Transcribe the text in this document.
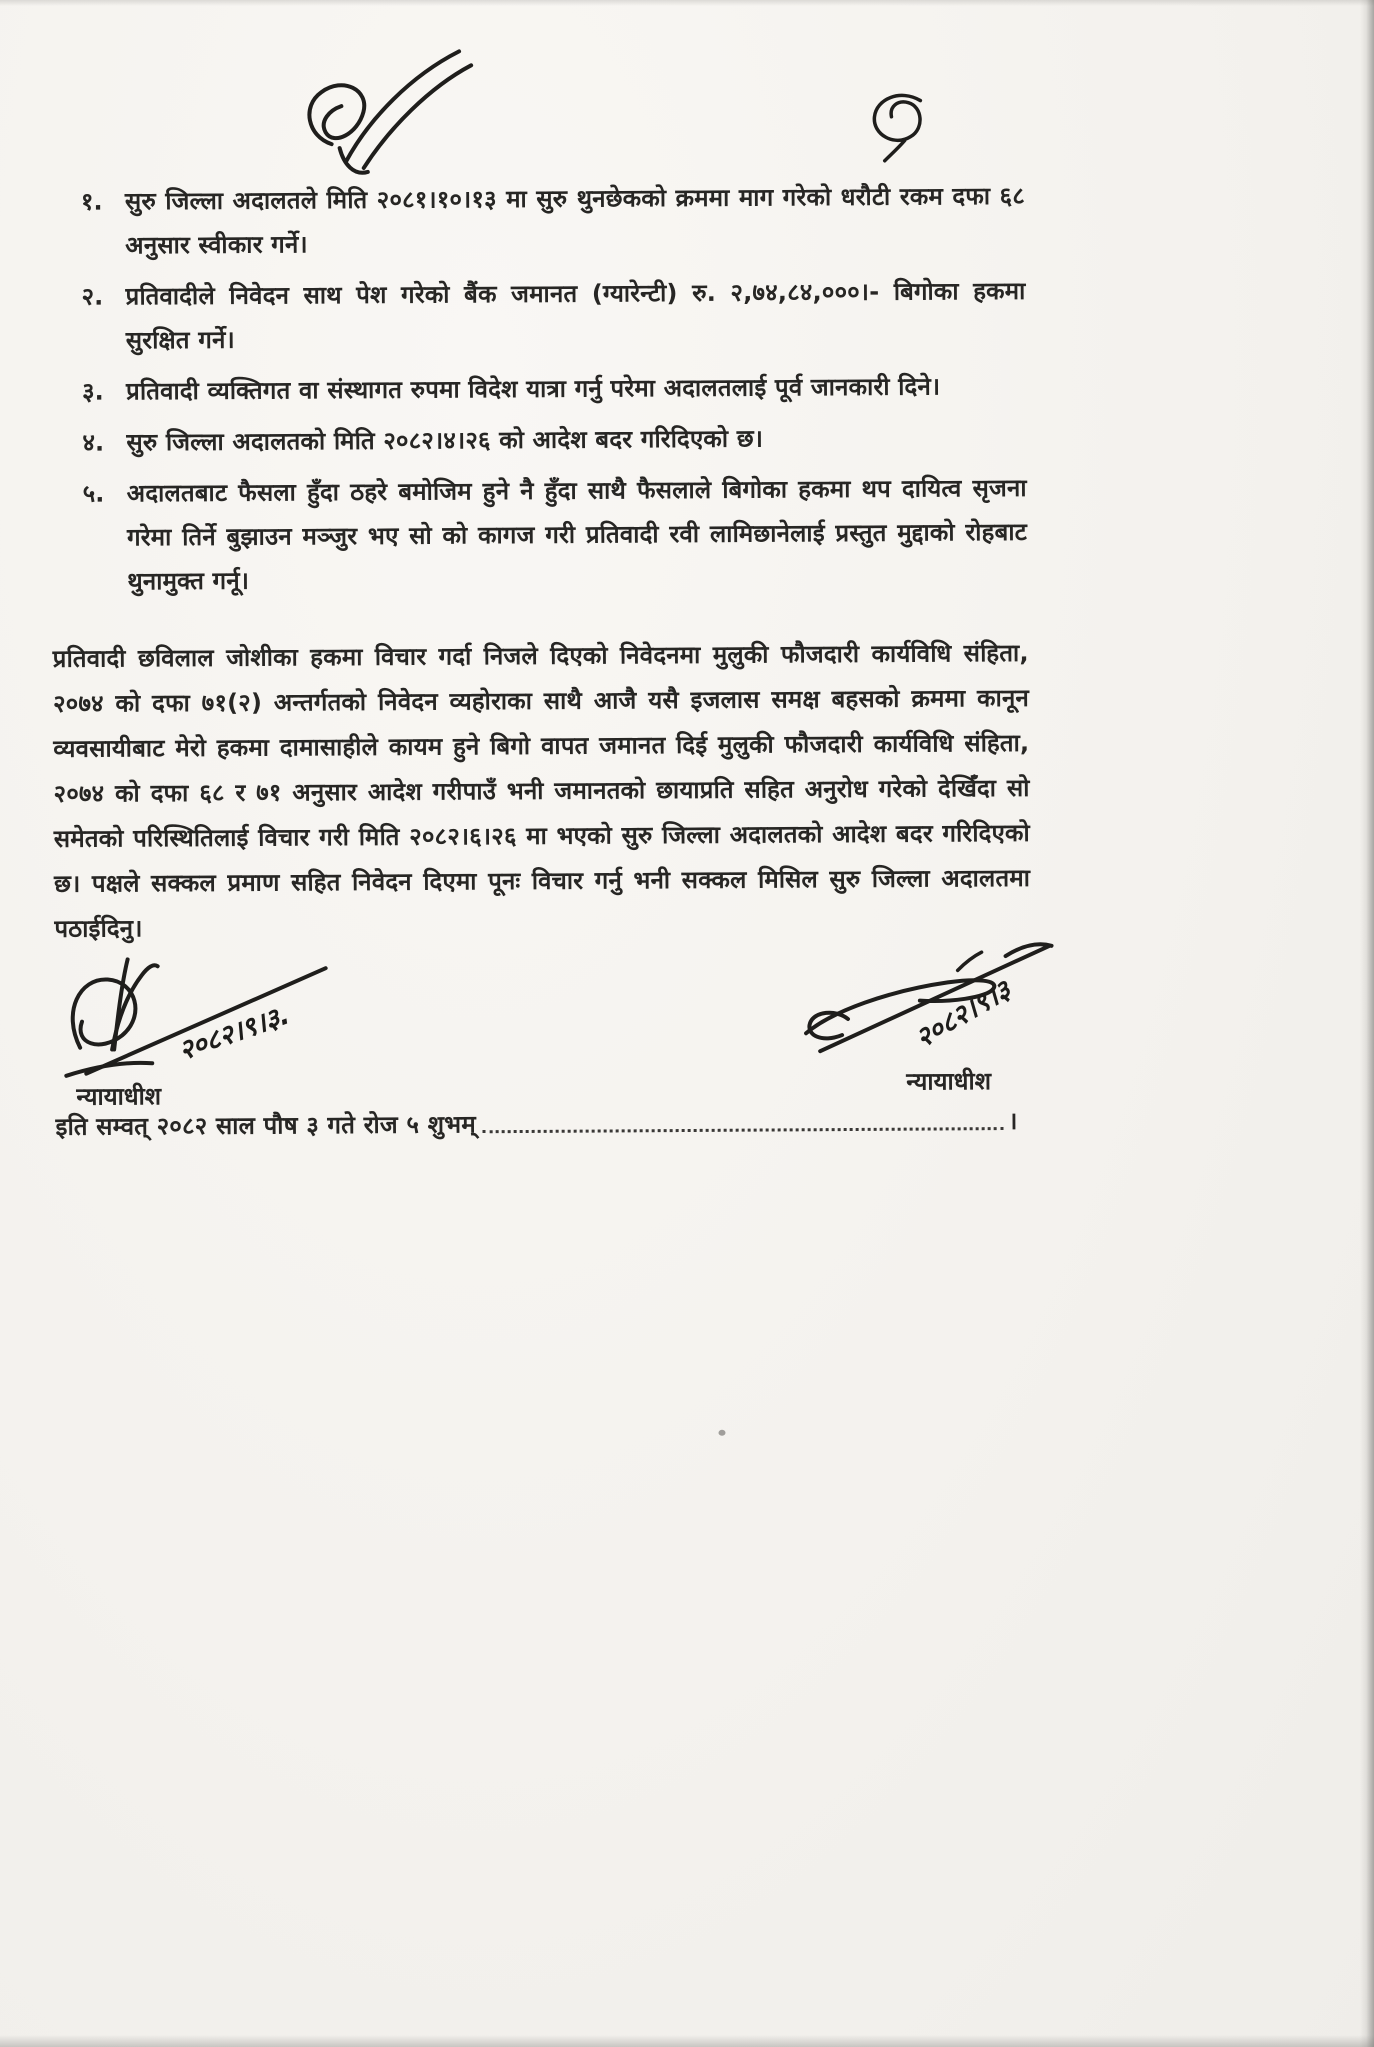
१. सुरु जिल्ला अदालतले मिति २०८१।१०।१३ मा सुरु थुनछेकको क्रममा माग गरेको धरौटी रकम दफा ६८ अनुसार स्वीकार गर्ने।
२. प्रतिवादीले निवेदन साथ पेश गरेको बैंक जमानत (ग्यारेन्टी) रु. २,७४,८४,०००।- बिगोका हकमा सुरक्षित गर्ने।
३. प्रतिवादी व्यक्तिगत वा संस्थागत रुपमा विदेश यात्रा गर्नु परेमा अदालतलाई पूर्व जानकारी दिने।
४. सुरु जिल्ला अदालतको मिति २०८२।४।२६ को आदेश बदर गरिदिएको छ।
५. अदालतबाट फैसला हुँदा ठहरे बमोजिम हुने नै हुँदा साथै फैसलाले बिगोका हकमा थप दायित्व सृजना गरेमा तिर्ने बुझाउन मञ्जुर भए सो को कागज गरी प्रतिवादी रवी लामिछानेलाई प्रस्तुत मुद्दाको रोहबाट थुनामुक्त गर्नू।
प्रतिवादी छविलाल जोशीका हकमा विचार गर्दा निजले दिएको निवेदनमा मुलुकी फौजदारी कार्यविधि संहिता, २०७४ को दफा ७१(२) अन्तर्गतको निवेदन व्यहोराका साथै आजै यसै इजलास समक्ष बहसको क्रममा कानून व्यवसायीबाट मेरो हकमा दामासाहीले कायम हुने बिगो वापत जमानत दिई मुलुकी फौजदारी कार्यविधि संहिता, २०७४ को दफा ६८ र ७१ अनुसार आदेश गरीपाउँ भनी जमानतको छायाप्रति सहित अनुरोध गरेको देखिँदा सो समेतको परिस्थितिलाई विचार गरी मिति २०८२।६।२६ मा भएको सुरु जिल्ला अदालतको आदेश बदर गरिदिएको छ। पक्षले सक्कल प्रमाण सहित निवेदन दिएमा पूनः विचार गर्नु भनी सक्कल मिसिल सुरु जिल्ला अदालतमा पठाईदिनु।
२०८२।९।३.
न्यायाधीश
२०८२।९।३
न्यायाधीश
इति सम्वत् २०८२ साल पौष ३ गते रोज ५ शुभम्	।
